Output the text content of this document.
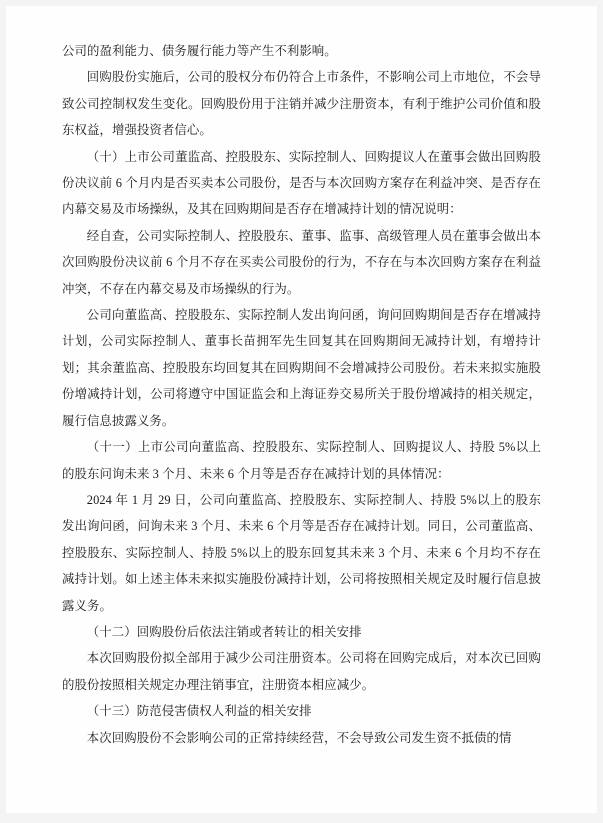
公司的盈利能力、债务履行能力等产生不利影响。

回购股份实施后，公司的股权分布仍符合上市条件，不影响公司上市地位，不会导致公司控制权发生变化。回购股份用于注销并减少注册资本，有利于维护公司价值和股东权益，增强投资者信心。

（十）上市公司董监高、控股股东、实际控制人、回购提议人在董事会做出回购股份决议前 6 个月内是否买卖本公司股份，是否与本次回购方案存在利益冲突、是否存在内幕交易及市场操纵，及其在回购期间是否存在增减持计划的情况说明：

经自查，公司实际控制人、控股股东、董事、监事、高级管理人员在董事会做出本次回购股份决议前 6 个月不存在买卖公司股份的行为，不存在与本次回购方案存在利益冲突，不存在内幕交易及市场操纵的行为。

公司向董监高、控股股东、实际控制人发出询问函，询问回购期间是否存在增减持计划，公司实际控制人、董事长苗拥军先生回复其在回购期间无减持计划，有增持计划；其余董监高、控股股东均回复其在回购期间不会增减持公司股份。若未来拟实施股份增减持计划，公司将遵守中国证监会和上海证券交易所关于股份增减持的相关规定，履行信息披露义务。

（十一）上市公司向董监高、控股股东、实际控制人、回购提议人、持股 5%以上的股东问询未来 3 个月、未来 6 个月等是否存在减持计划的具体情况：

2024 年 1 月 29 日，公司向董监高、控股股东、实际控制人、持股 5%以上的股东发出询问函，问询未来 3 个月、未来 6 个月等是否存在减持计划。同日，公司董监高、控股股东、实际控制人、持股 5%以上的股东回复其未来 3 个月、未来 6 个月均不存在减持计划。如上述主体未来拟实施股份减持计划，公司将按照相关规定及时履行信息披露义务。

（十二）回购股份后依法注销或者转让的相关安排

本次回购股份拟全部用于减少公司注册资本。公司将在回购完成后，对本次已回购的股份按照相关规定办理注销事宜，注册资本相应减少。

（十三）防范侵害债权人利益的相关安排

本次回购股份不会影响公司的正常持续经营，不会导致公司发生资不抵债的情
